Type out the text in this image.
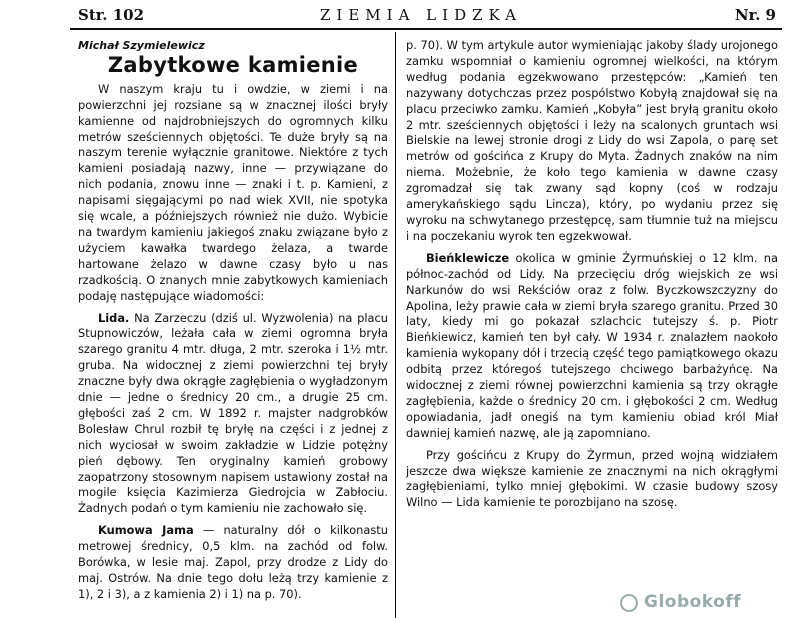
Str. 102	ZIEMIA LIDZKA	Nr. 9
Michał Szymielewicz
Zabytkowe kamienie

W naszym kraju tu i owdzie, w ziemi i na powierzchni jej rozsiane są w znacznej ilości bryły kamienne od najdrobniejszych do ogromnych kilku metrów sześciennych objętości. Te duże bryły są na naszym terenie wyłącznie granitowe. Niektóre z tych kamieni posiadają nazwy, inne — przywiązane do nich podania, znowu inne — znaki i t. p. Kamieni, z napisami sięgającymi po nad wiek XVII, nie spotyka się wcale, a późniejszych również nie dużo. Wybicie na twardym kamieniu jakiegoś znaku związane było z użyciem kawałka twardego żelaza, a twarde hartowane żelazo w dawne czasy było u nas rzadkością. O znanych mnie zabytkowych kamieniach podaję następujące wiadomości:

Lida. Na Zarzeczu (dziś ul. Wyzwolenia) na placu Stupnowiczów, leżała cała w ziemi ogromna bryła szarego granitu 4 mtr. długa, 2 mtr. szeroka i 1½ mtr. gruba. Na widocznej z ziemi powierzchni tej bryły znaczne były dwa okrągłe zagłębienia o wygładzonym dnie — jedne o średnicy 20 cm., a drugie 25 cm. głębości zaś 2 cm. W 1892 r. majster nadgrobków Bolesław Chrul rozbił tę bryłę na części i z jednej z nich wyciosał w swoim zakładzie w Lidzie potężny pień dębowy. Ten oryginalny kamień grobowy zaopatrzony stosownym napisem ustawiony został na mogile księcia Kazimierza Giedrojcia w Zabłociu. Żadnych podań o tym kamieniu nie zachowało się.

Kumowa Jama — naturalny dół o kilkonastu metrowej średnicy, 0,5 klm. na zachód od folw. Borówka, w lesie maj. Zapol, przy drodze z Lidy do maj. Ostrów. Na dnie tego dołu leżą trzy kamienie z 1), 2 i 3), a z kamienia 2) i 1) na p. 70).

p. 70). W tym artykule autor wymieniając jakoby ślady urojonego zamku wspomniał o kamieniu ogromnej wielkości, na którym według podania egzekwowano przestępców: „Kamień ten nazywany dotychczas przez pospólstwo Kobyłą znajdował się na placu przeciwko zamku. Kamień „Kobyła” jest bryłą granitu około 2 mtr. sześciennych objętości i leży na scalonych gruntach wsi Bielskie na lewej stronie drogi z Lidy do wsi Zapola, o parę set metrów od gościńca z Krupy do Myta. Żadnych znaków na nim niema. Możebnie, że koło tego kamienia w dawne czasy zgromadzał się tak zwany sąd kopny (coś w rodzaju amerykańskiego sądu Lincza), który, po wydaniu przez się wyroku na schwytanego przestępcę, sam tłumnie tuż na miejscu i na poczekaniu wyrok ten egzekwował.

Bieńklewicze okolica w gminie Żyrmuńskiej o 12 klm. na północ-zachód od Lidy. Na przecięciu dróg wiejskich ze wsi Narkunów do wsi Rekściów oraz z folw. Byczkowszczyzny do Apolina, leży prawie cała w ziemi bryła szarego granitu. Przed 30 laty, kiedy mi go pokazał szlachcic tutejszy ś. p. Piotr Bieńkiewicz, kamień ten był cały. W 1934 r. znalazłem naokoło kamienia wykopany dół i trzecią część tego pamiątkowego okazu odbitą przez któregoś tutejszego chciwego barbażyńcę. Na widocznej z ziemi równej powierzchni kamienia są trzy okrągłe zagłębienia, każde o średnicy 20 cm. i głębokości 2 cm. Według opowiadania, jadł onegiś na tym kamieniu obiad król Miał dawniej kamień nazwę, ale ją zapomniano.

Przy gościńcu z Krupy do Żyrmun, przed wojną widziałem jeszcze dwa większe kamienie ze znacznymi na nich okrągłymi zagłębieniami, tylko mniej głębokimi. W czasie budowy szosy Wilno — Lida kamienie te porozbijano na szosę.

Globokoff
